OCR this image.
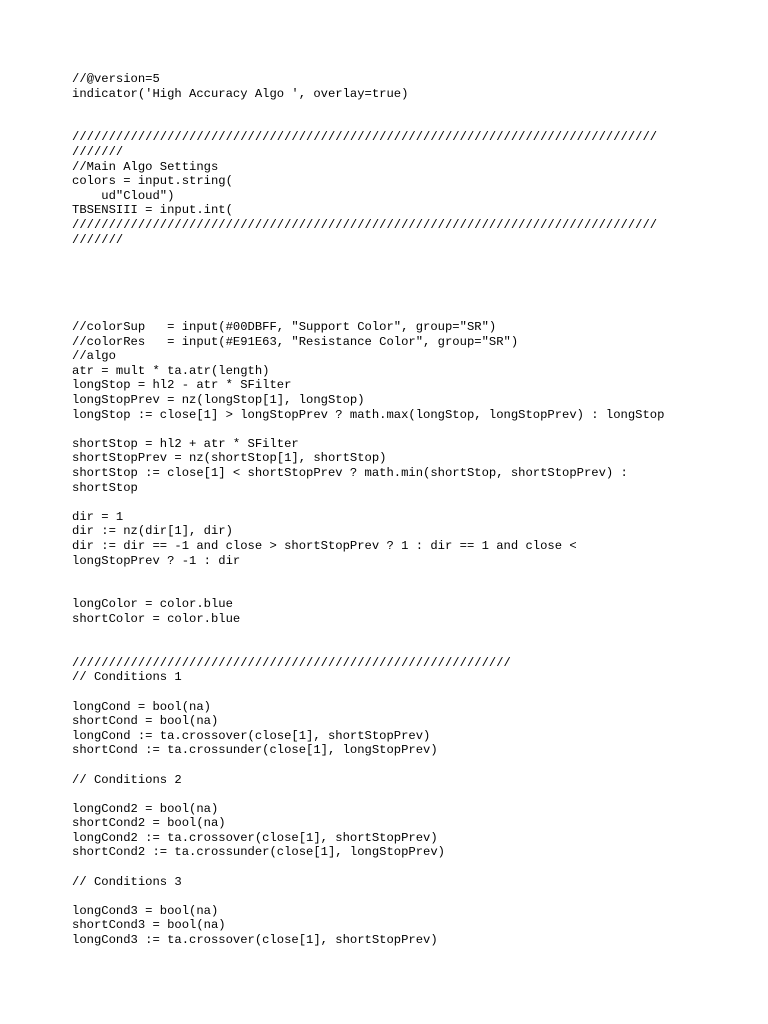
//@version=5
indicator('High Accuracy Algo ', overlay=true)
////////////////////////////////////////////////////////////////////////////////
///////
//Main Algo Settings
colors = input.string(
ud"Cloud")
TBSENSIII = input.int(
////////////////////////////////////////////////////////////////////////////////
///////
//colorSup   = input(#00DBFF, "Support Color", group="SR")
//colorRes   = input(#E91E63, "Resistance Color", group="SR")
//algo
atr = mult * ta.atr(length)
longStop = hl2 - atr * SFilter
longStopPrev = nz(longStop[1], longStop)
longStop := close[1] > longStopPrev ? math.max(longStop, longStopPrev) : longStop
shortStop = hl2 + atr * SFilter
shortStopPrev = nz(shortStop[1], shortStop)
shortStop := close[1] < shortStopPrev ? math.min(shortStop, shortStopPrev) :
shortStop
dir = 1
dir := nz(dir[1], dir)
dir := dir == -1 and close > shortStopPrev ? 1 : dir == 1 and close <
longStopPrev ? -1 : dir
longColor = color.blue
shortColor = color.blue
////////////////////////////////////////////////////////////
// Conditions 1
longCond = bool(na)
shortCond = bool(na)
longCond := ta.crossover(close[1], shortStopPrev)
shortCond := ta.crossunder(close[1], longStopPrev)
// Conditions 2
longCond2 = bool(na)
shortCond2 = bool(na)
longCond2 := ta.crossover(close[1], shortStopPrev)
shortCond2 := ta.crossunder(close[1], longStopPrev)
// Conditions 3
longCond3 = bool(na)
shortCond3 = bool(na)
longCond3 := ta.crossover(close[1], shortStopPrev)
